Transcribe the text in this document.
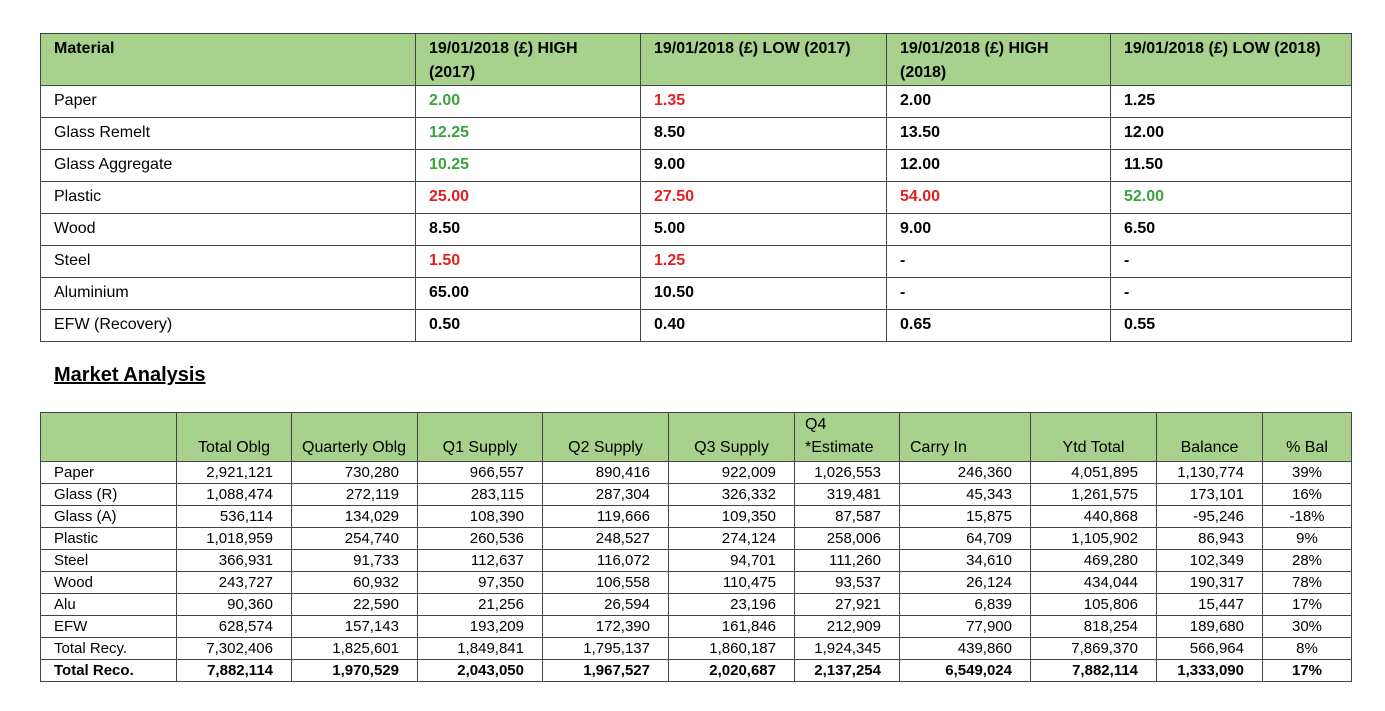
Material	19/01/2018 (£) HIGH (2017)	19/01/2018 (£) LOW (2017)	19/01/2018 (£) HIGH (2018)	19/01/2018 (£) LOW (2018)
Paper	2.00	1.35	2.00	1.25
Glass Remelt	12.25	8.50	13.50	12.00
Glass Aggregate	10.25	9.00	12.00	11.50
Plastic	25.00	27.50	54.00	52.00
Wood	8.50	5.00	9.00	6.50
Steel	1.50	1.25	-	-
Aluminium	65.00	10.50	-	-
EFW (Recovery)	0.50	0.40	0.65	0.55
Market Analysis
	Total Oblg	Quarterly Oblg	Q1 Supply	Q2 Supply	Q3 Supply	Q4 *Estimate	Carry In	Ytd Total	Balance	% Bal
Paper	2,921,121	730,280	966,557	890,416	922,009	1,026,553	246,360	4,051,895	1,130,774	39%
Glass (R)	1,088,474	272,119	283,115	287,304	326,332	319,481	45,343	1,261,575	173,101	16%
Glass (A)	536,114	134,029	108,390	119,666	109,350	87,587	15,875	440,868	-95,246	-18%
Plastic	1,018,959	254,740	260,536	248,527	274,124	258,006	64,709	1,105,902	86,943	9%
Steel	366,931	91,733	112,637	116,072	94,701	111,260	34,610	469,280	102,349	28%
Wood	243,727	60,932	97,350	106,558	110,475	93,537	26,124	434,044	190,317	78%
Alu	90,360	22,590	21,256	26,594	23,196	27,921	6,839	105,806	15,447	17%
EFW	628,574	157,143	193,209	172,390	161,846	212,909	77,900	818,254	189,680	30%
Total Recy.	7,302,406	1,825,601	1,849,841	1,795,137	1,860,187	1,924,345	439,860	7,869,370	566,964	8%
Total Reco.	7,882,114	1,970,529	2,043,050	1,967,527	2,020,687	2,137,254	6,549,024	7,882,114	1,333,090	17%
